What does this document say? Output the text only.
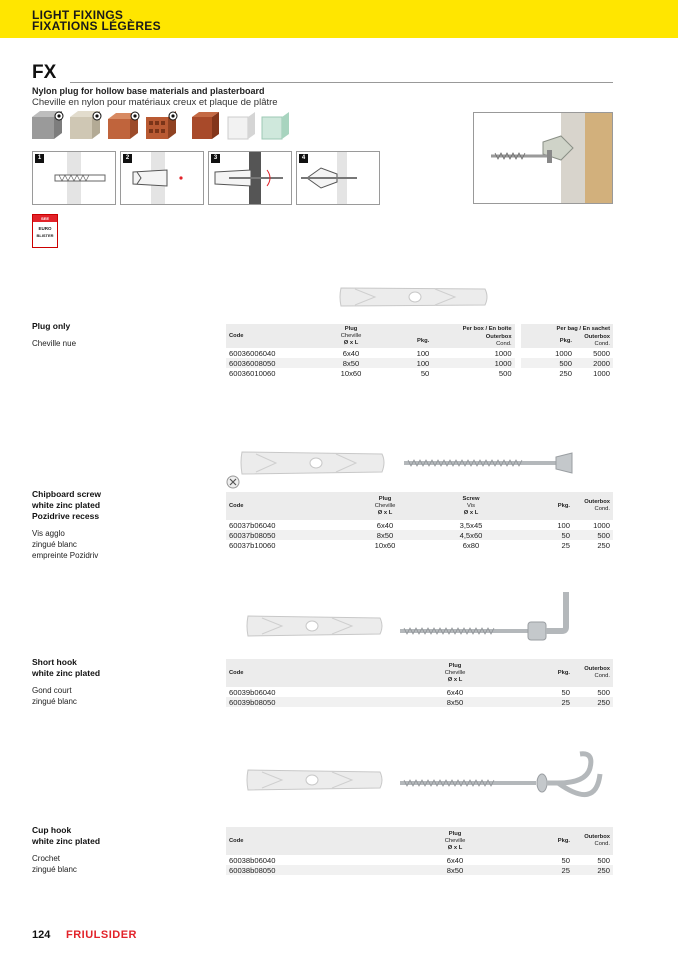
LIGHT FIXINGS
FIXATIONS LÉGÈRES
FX
Nylon plug for hollow base materials and plasterboard
Cheville en nylon pour matériaux creux et plaque de plâtre
1	2	3	4
SEE
EURO
BLISTER
Plug only
Cheville nue
Code	Plug
Cheville
Ø x L	Per box / En boîte			Per bag / En sachet	
		Pkg.	Outerbox
Cond.		Pkg.	Outerbox
Cond.
60036006040	6x40	100	1000		1000	5000
60036008050	8x50	100	1000		500	2000
60036010060	10x60	50	500		250	1000
Chipboard screw
white zinc plated
Pozidrive recess
Vis agglo
zingué blanc
empreinte Pozidriv
Code	Plug
Cheville
Ø x L	Screw
Vis
Ø x L	Pkg.	Outerbox
Cond.
60037b06040	6x40	3,5x45	100	1000
60037b08050	8x50	4,5x60	50	500
60037b10060	10x60	6x80	25	250
Short hook
white zinc plated
Gond court
zingué blanc
Code	Plug
Cheville
Ø x L	Pkg.	Outerbox
Cond.
60039b06040	6x40	50	500
60039b08050	8x50	25	250
Cup hook
white zinc plated
Crochet
zingué blanc
Code	Plug
Cheville
Ø x L	Pkg.	Outerbox
Cond.
60038b06040	6x40	50	500
60038b08050	8x50	25	250
124 FRIULSIDER
